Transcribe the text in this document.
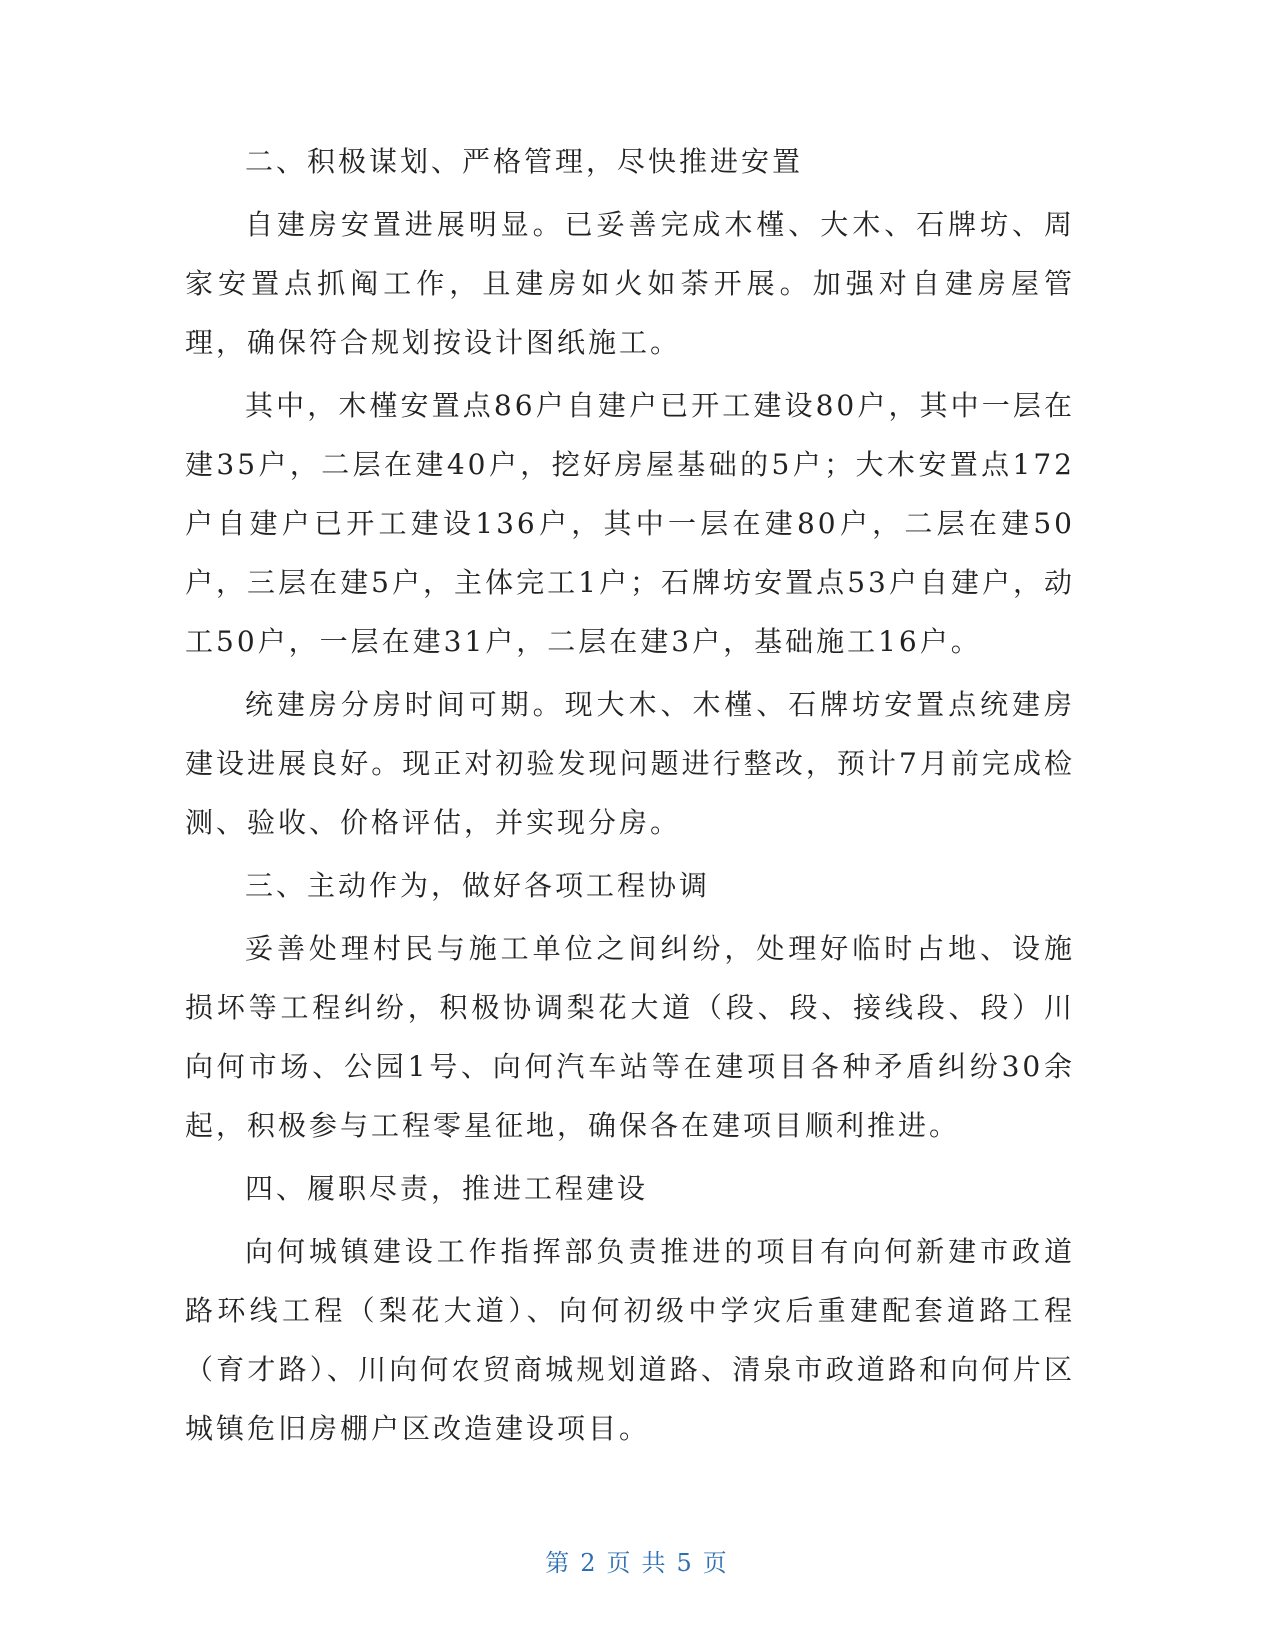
二、积极谋划、严格管理，尽快推进安置

自建房安置进展明显。已妥善完成木槿、大木、石牌坊、周家安置点抓阄工作，且建房如火如荼开展。加强对自建房屋管理，确保符合规划按设计图纸施工。

其中，木槿安置点86户自建户已开工建设80户，其中一层在建35户，二层在建40户，挖好房屋基础的5户；大木安置点172户自建户已开工建设136户，其中一层在建80户，二层在建50户，三层在建5户，主体完工1户；石牌坊安置点53户自建户，动工50户，一层在建31户，二层在建3户，基础施工16户。

统建房分房时间可期。现大木、木槿、石牌坊安置点统建房建设进展良好。现正对初验发现问题进行整改，预计7月前完成检测、验收、价格评估，并实现分房。

三、主动作为，做好各项工程协调

妥善处理村民与施工单位之间纠纷，处理好临时占地、设施损坏等工程纠纷，积极协调梨花大道（段、段、接线段、段）川向何市场、公园1号、向何汽车站等在建项目各种矛盾纠纷30余起，积极参与工程零星征地，确保各在建项目顺利推进。

四、履职尽责，推进工程建设

向何城镇建设工作指挥部负责推进的项目有向何新建市政道路环线工程（梨花大道）、向何初级中学灾后重建配套道路工程（育才路）、川向何农贸商城规划道路、清泉市政道路和向何片区城镇危旧房棚户区改造建设项目。

第 2 页 共 5 页
